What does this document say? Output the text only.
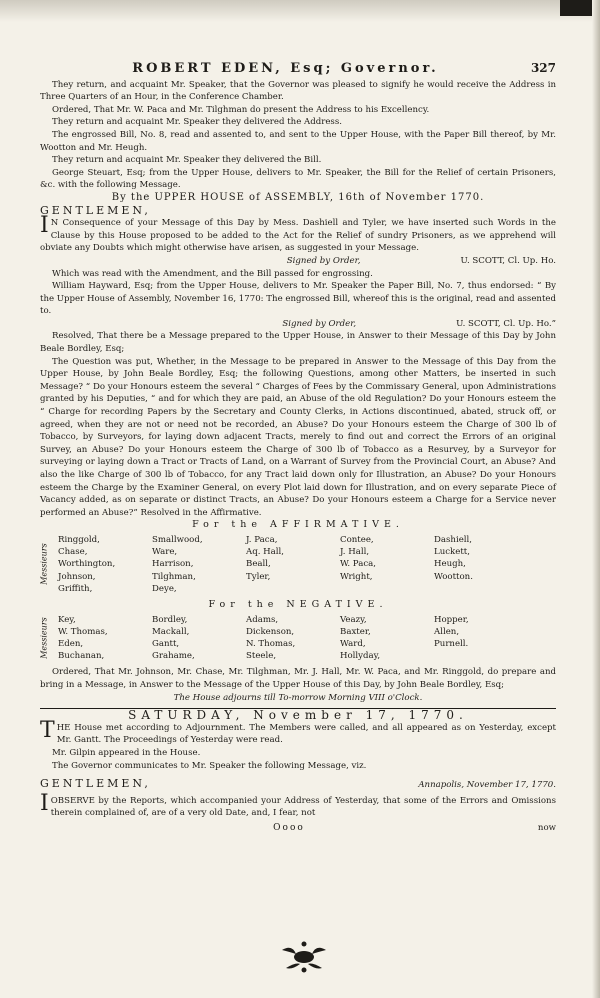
ROBERT EDEN, Esq; Governor.	327

They return, and acquaint Mr. Speaker, that the Governor was pleased to signify he would receive the Address in Three Quarters of an Hour, in the Conference Chamber.

Ordered, That Mr. W. Paca and Mr. Tilghman do present the Address to his Excellency.

They return and acquaint Mr. Speaker they delivered the Address.

The engrossed Bill, No. 8, read and assented to, and sent to the Upper House, with the Paper Bill thereof, by Mr. Wootton and Mr. Heugh.

They return and acquaint Mr. Speaker they delivered the Bill.

George Steuart, Esq; from the Upper House, delivers to Mr. Speaker, the Bill for the Relief of certain Prisoners, &c. with the following Message.

By the UPPER HOUSE of ASSEMBLY, 16th of November 1770.

GENTLEMEN,

IN Consequence of your Message of this Day by Mess. Dashiell and Tyler, we have inserted such Words in the Clause by this House proposed to be added to the Act for the Relief of sundry Prisoners, as we apprehend will obviate any Doubts which might otherwise have arisen, as suggested in your Message.

Signed by Order,	U. SCOTT, Cl. Up. Ho.

Which was read with the Amendment, and the Bill passed for engrossing.

William Hayward, Esq; from the Upper House, delivers to Mr. Speaker the Paper Bill, No. 7, thus endorsed: “ By the Upper House of Assembly, November 16, 1770: The engrossed Bill, whereof this is the original, read and assented to.

Signed by Order,	U. SCOTT, Cl. Up. Ho.”

Resolved, That there be a Message prepared to the Upper House, in Answer to their Message of this Day by John Beale Bordley, Esq;

The Question was put, Whether, in the Message to be prepared in Answer to the Message of this Day from the Upper House, by John Beale Bordley, Esq; the following Questions, among other Matters, be inserted in such Message? “ Do your Honours esteem the several “ Charges of Fees by the Commissary General, upon Administrations granted by his Deputies, “ and for which they are paid, an Abuse of the old Regulation? Do your Honours esteem the “ Charge for recording Papers by the Secretary and County Clerks, in Actions discontinued, abated, struck off, or agreed, when they are not or need not be recorded, an Abuse? Do your Honours esteem the Charge of 300 lb of Tobacco, by Surveyors, for laying down adjacent Tracts, merely to find out and correct the Errors of an original Survey, an Abuse? Do your Honours esteem the Charge of 300 lb of Tobacco as a Resurvey, by a Surveyor for surveying or laying down a Tract or Tracts of Land, on a Warrant of Survey from the Provincial Court, an Abuse? And also the like Charge of 300 lb of Tobacco, for any Tract laid down only for Illustration, an Abuse? Do your Honours esteem the Charge by the Examiner General, on every Plot laid down for Illustration, and on every separate Piece of Vacancy added, as on separate or distinct Tracts, an Abuse? Do your Honours esteem a Charge for a Service never performed an Abuse?” Resolved in the Affirmative.

For the AFFIRMATIVE.

Messieurs
Ringgold,	Smallwood,	J. Paca,	Contee,	Dashiell,
Chase,	Ware,	Aq. Hall,	J. Hall,	Luckett,
Worthington,	Harrison,	Beall,	W. Paca,	Heugh,
Johnson,	Tilghman,	Tyler,	Wright,	Wootton.
Griffith,	Deye,

For the NEGATIVE.

Messieurs	Key,	Bordley,	Adams,	Veazy,	Hopper,
W. Thomas,	Mackall,	Dickenson,	Baxter,	Allen,
Eden,	Gantt,	N. Thomas,	Ward,	Purnell.
Buchanan,	Grahame,	Steele,	Hollyday,

Ordered, That Mr. Johnson, Mr. Chase, Mr. Tilghman, Mr. J. Hall, Mr. W. Paca, and Mr. Ringgold, do prepare and bring in a Message, in Answer to the Message of the Upper House of this Day, by John Beale Bordley, Esq;

The House adjourns till To-morrow Morning VIII o'Clock.

SATURDAY, November 17, 1770.

THE House met according to Adjournment. The Members were called, and all appeared as on Yesterday, except Mr. Gantt. The Proceedings of Yesterday were read.

Mr. Gilpin appeared in the House.

The Governor communicates to Mr. Speaker the following Message, viz.

GENTLEMEN,	Annapolis, November 17, 1770.

IOBSERVE by the Reports, which accompanied your Address of Yesterday, that some of the Errors and Omissions therein complained of, are of a very old Date, and, I fear, not

Oooo	now
